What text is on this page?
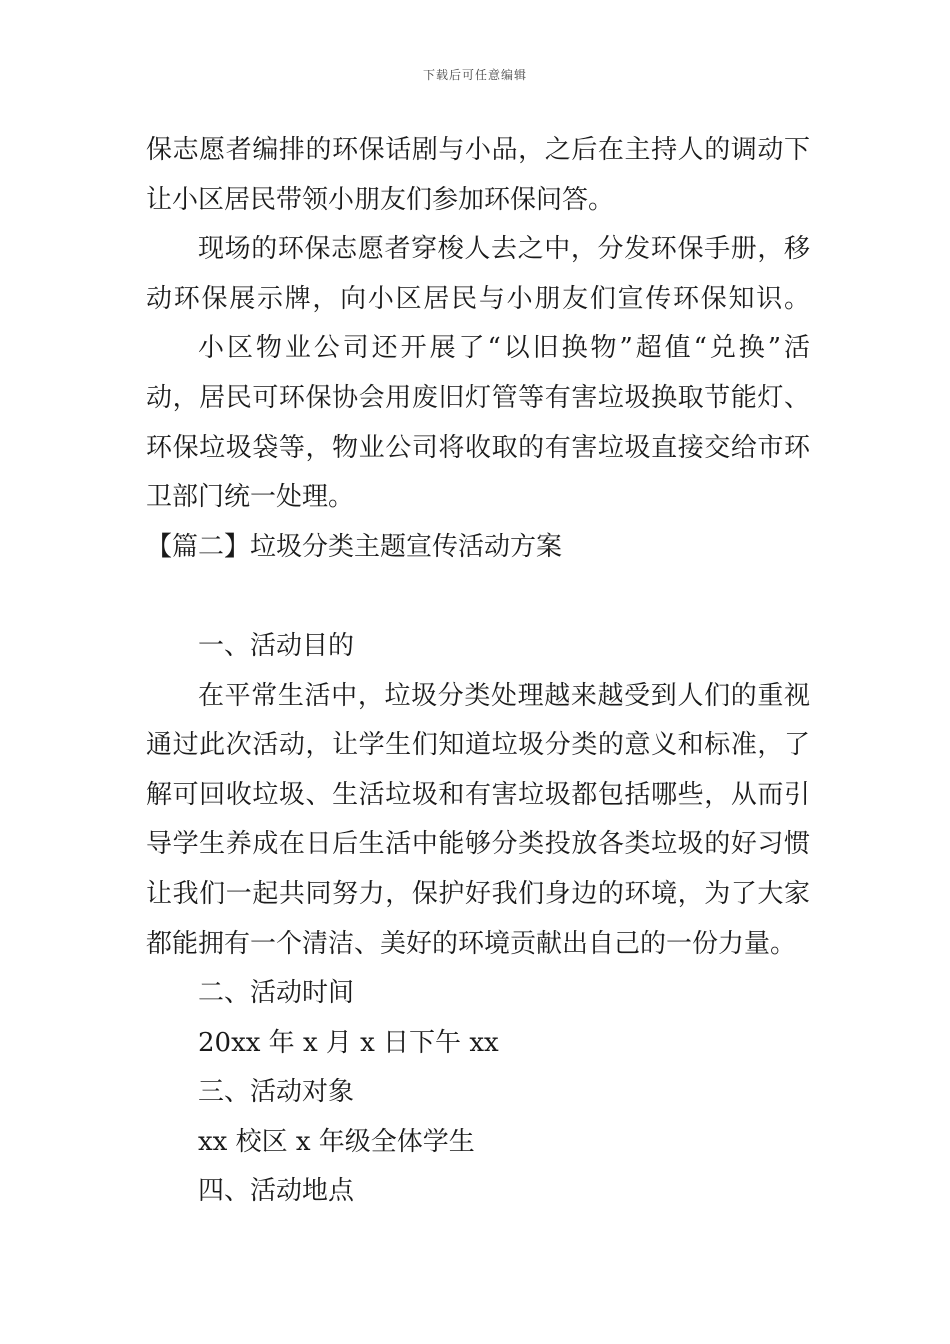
下载后可任意编辑
保志愿者编排的环保话剧与小品，之后在主持人的调动下
让小区居民带领小朋友们参加环保问答。
现场的环保志愿者穿梭人去之中，分发环保手册，移
动环保展示牌，向小区居民与小朋友们宣传环保知识。
小区物业公司还开展了“以旧换物”超值“兑换”活
动，居民可环保协会用废旧灯管等有害垃圾换取节能灯、
环保垃圾袋等，物业公司将收取的有害垃圾直接交给市环
卫部门统一处理。
【篇二】垃圾分类主题宣传活动方案
一、活动目的
在平常生活中，垃圾分类处理越来越受到人们的重视
通过此次活动，让学生们知道垃圾分类的意义和标准，了
解可回收垃圾、生活垃圾和有害垃圾都包括哪些，从而引
导学生养成在日后生活中能够分类投放各类垃圾的好习惯
让我们一起共同努力，保护好我们身边的环境，为了大家
都能拥有一个清洁、美好的环境贡献出自己的一份力量。
二、活动时间
20xx 年 x 月 x 日下午 xx
三、活动对象
xx 校区 x 年级全体学生
四、活动地点
